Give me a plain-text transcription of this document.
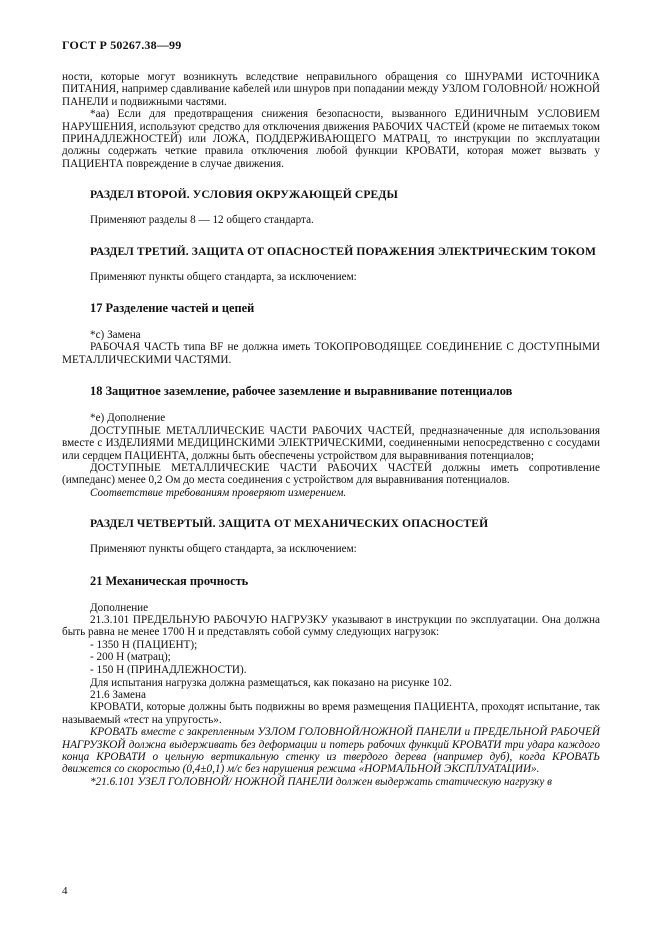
ГОСТ Р 50267.38—99

ности, которые могут возникнуть вследствие неправильного обращения со ШНУРАМИ ИСТОЧНИКА ПИТАНИЯ, например сдавливание кабелей или шнуров при попадании между УЗЛОМ ГОЛОВНОЙ/ НОЖНОЙ ПАНЕЛИ и подвижными частями.

*аа) Если для предотвращения снижения безопасности, вызванного ЕДИНИЧНЫМ УСЛОВИЕМ НАРУШЕНИЯ, используют средство для отключения движения РАБОЧИХ ЧАСТЕЙ (кроме не питаемых током ПРИНАДЛЕЖНОСТЕЙ) или ЛОЖА, ПОДДЕРЖИВАЮЩЕГО МАТРАЦ, то инструкции по эксплуатации должны содержать четкие правила отключения любой функции КРОВАТИ, которая может вызвать у ПАЦИЕНТА повреждение в случае движения.

РАЗДЕЛ ВТОРОЙ. УСЛОВИЯ ОКРУЖАЮЩЕЙ СРЕДЫ

Применяют разделы 8 — 12 общего стандарта.

РАЗДЕЛ ТРЕТИЙ. ЗАЩИТА ОТ ОПАСНОСТЕЙ ПОРАЖЕНИЯ ЭЛЕКТРИЧЕСКИМ ТОКОМ

Применяют пункты общего стандарта, за исключением:

17 Разделение частей и цепей

*с) Замена

РАБОЧАЯ ЧАСТЬ типа BF не должна иметь ТОКОПРОВОДЯЩЕЕ СОЕДИНЕНИЕ С ДОСТУПНЫМИ МЕТАЛЛИЧЕСКИМИ ЧАСТЯМИ.

18 Защитное заземление, рабочее заземление и выравнивание потенциалов

*е) Дополнение

ДОСТУПНЫЕ МЕТАЛЛИЧЕСКИЕ ЧАСТИ РАБОЧИХ ЧАСТЕЙ, предназначенные для использования вместе с ИЗДЕЛИЯМИ МЕДИЦИНСКИМИ ЭЛЕКТРИЧЕСКИМИ, соединенными непосредственно с сосудами или сердцем ПАЦИЕНТА, должны быть обеспечены устройством для выравнивания потенциалов;

ДОСТУПНЫЕ МЕТАЛЛИЧЕСКИЕ ЧАСТИ РАБОЧИХ ЧАСТЕЙ должны иметь сопротивление (импеданс) менее 0,2 Ом до места соединения с устройством для выравнивания потенциалов.

Соответствие требованиям проверяют измерением.

РАЗДЕЛ ЧЕТВЕРТЫЙ. ЗАЩИТА ОТ МЕХАНИЧЕСКИХ ОПАСНОСТЕЙ

Применяют пункты общего стандарта, за исключением:

21 Механическая прочность

Дополнение

21.3.101 ПРЕДЕЛЬНУЮ РАБОЧУЮ НАГРУЗКУ указывают в инструкции по эксплуатации. Она должна быть равна не менее 1700 Н и представлять собой сумму следующих нагрузок:

- 1350 Н (ПАЦИЕНТ);

- 200 Н (матрац);

- 150 Н (ПРИНАДЛЕЖНОСТИ).

Для испытания нагрузка должна размещаться, как показано на рисунке 102.

21.6 Замена

КРОВАТИ, которые должны быть подвижны во время размещения ПАЦИЕНТА, проходят испытание, так называемый «тест на упругость».

КРОВАТЬ вместе с закрепленным УЗЛОМ ГОЛОВНОЙ/НОЖНОЙ ПАНЕЛИ и ПРЕДЕЛЬНОЙ РАБОЧЕЙ НАГРУЗКОЙ должна выдерживать без деформации и потерь рабочих функций КРОВАТИ три удара каждого конца КРОВАТИ о цельную вертикальную стенку из твердого дерева (например дуб), когда КРОВАТЬ движется со скоростью (0,4±0,1) м/с без нарушения режима «НОРМАЛЬНОЙ ЭКСПЛУАТАЦИИ».

*21.6.101 УЗЕЛ ГОЛОВНОЙ/ НОЖНОЙ ПАНЕЛИ должен выдержать статическую нагрузку в

4
